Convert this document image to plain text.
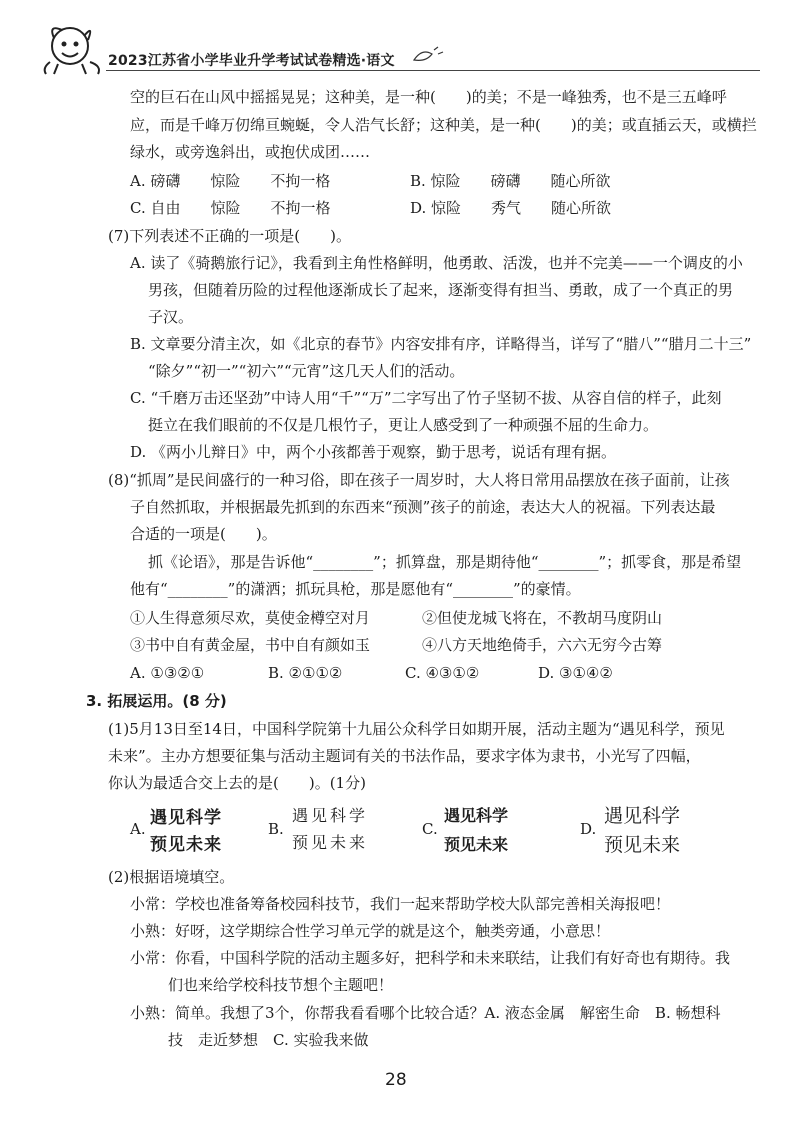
2023江苏省小学毕业升学考试试卷精选·语文
空的巨石在山风中摇摇晃晃；这种美，是一种(　　)的美；不是一峰独秀，也不是三五峰呼
应，而是千峰万仞绵亘蜿蜒，令人浩气长舒；这种美，是一种(　　)的美；或直插云天，或横拦
绿水，或旁逸斜出，或抱伏成团……
A. 磅礴　　惊险　　不拘一格	B. 惊险　　磅礴　　随心所欲
C. 自由　　惊险　　不拘一格	D. 惊险　　秀气　　随心所欲
(7)下列表述不正确的一项是(　　)。
A. 读了《骑鹅旅行记》，我看到主角性格鲜明，他勇敢、活泼，也并不完美——一个调皮的小
男孩，但随着历险的过程他逐渐成长了起来，逐渐变得有担当、勇敢，成了一个真正的男
子汉。
B. 文章要分清主次，如《北京的春节》内容安排有序，详略得当，详写了“腊八”“腊月二十三”
“除夕”“初一”“初六”“元宵”这几天人们的活动。
C. “千磨万击还坚劲”中诗人用“千”“万”二字写出了竹子坚韧不拔、从容自信的样子，此刻
挺立在我们眼前的不仅是几根竹子，更让人感受到了一种顽强不屈的生命力。
D. 《两小儿辩日》中，两个小孩都善于观察，勤于思考，说话有理有据。
(8)“抓周”是民间盛行的一种习俗，即在孩子一周岁时，大人将日常用品摆放在孩子面前，让孩
子自然抓取，并根据最先抓到的东西来“预测”孩子的前途，表达大人的祝福。下列表达最
合适的一项是(　　)。
抓《论语》，那是告诉他“________”；抓算盘，那是期待他“________”；抓零食，那是希望
他有“________”的潇洒；抓玩具枪，那是愿他有“________”的豪情。
①人生得意须尽欢，莫使金樽空对月	②但使龙城飞将在，不教胡马度阴山
③书中自有黄金屋，书中自有颜如玉	④八方天地绝倚手，六六无穷今古筹
A. ①③②①	B. ②①①②	C. ④③①②	D. ③①④②
3. 拓展运用。(8 分)
(1)5月13日至14日，中国科学院第十九届公众科学日如期开展，活动主题为“遇见科学，预见
未来”。主办方想要征集与活动主题词有关的书法作品，要求字体为隶书，小光写了四幅，
你认为最适合交上去的是(　　)。(1分)
A.
遇见科学
预见未来
B.
遇见科学
预见未来
C.
遇见科学
预见未来
D.
遇见科学
预见未来
(2)根据语境填空。
小常：学校也准备筹备校园科技节，我们一起来帮助学校大队部完善相关海报吧！
小熟：好呀，这学期综合性学习单元学的就是这个，触类旁通，小意思！
小常：你看，中国科学院的活动主题多好，把科学和未来联结，让我们有好奇也有期待。我
们也来给学校科技节想个主题吧！
小熟：简单。我想了3个，你帮我看看哪个比较合适？A. 液态金属　解密生命　B. 畅想科
技　走近梦想　C. 实验我来做
28
